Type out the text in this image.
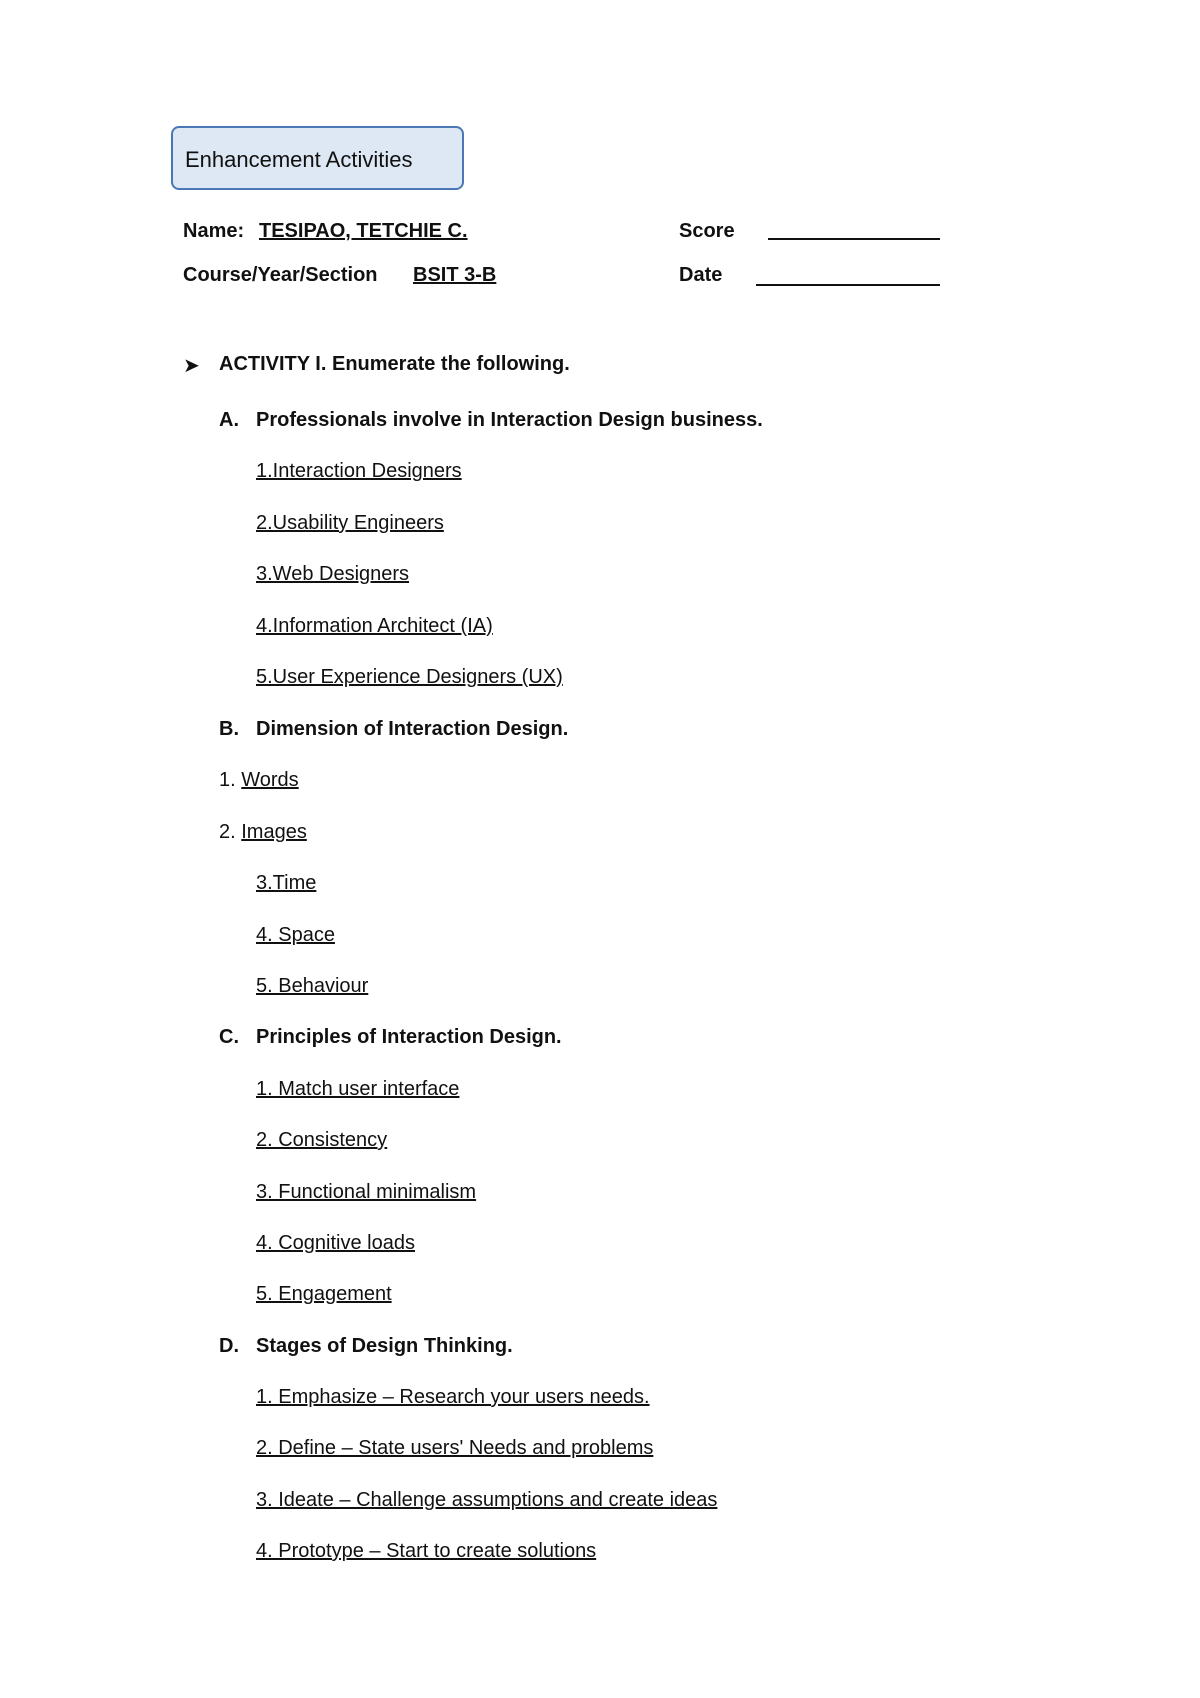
Enhancement Activities
Name: TESIPAO, TETCHIE C.	Score
Course/Year/Section BSIT 3-B	Date
➤ ACTIVITY I. Enumerate the following.
A. Professionals involve in Interaction Design business.
1.Interaction Designers
2.Usability Engineers
3.Web Designers
4.Information Architect (IA)
5.User Experience Designers (UX)
B. Dimension of Interaction Design.
1. Words
2. Images
3.Time
4. Space
5. Behaviour
C. Principles of Interaction Design.
1. Match user interface
2. Consistency
3. Functional minimalism
4. Cognitive loads
5. Engagement
D. Stages of Design Thinking.
1. Emphasize – Research your users needs.
2. Define – State users' Needs and problems
3. Ideate – Challenge assumptions and create ideas
4. Prototype – Start to create solutions
